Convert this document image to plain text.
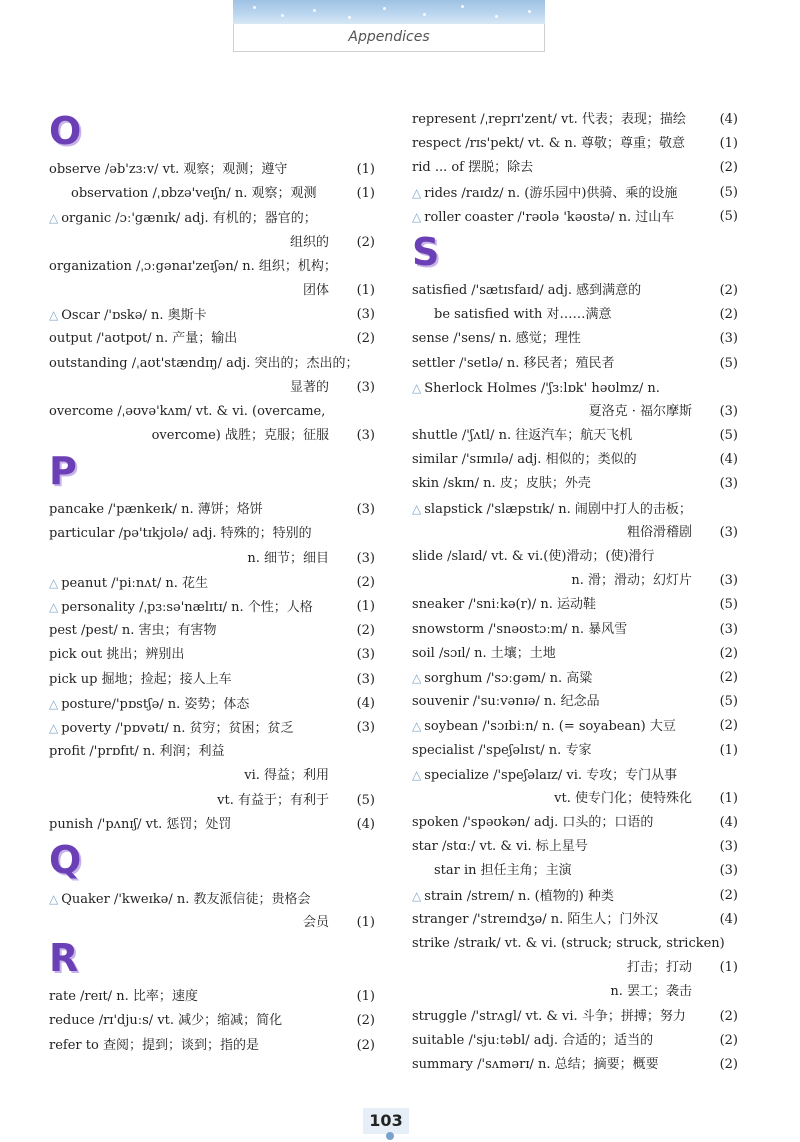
Appendices
O
observe /əb'zɜːv/ vt. 观察；观测；遵守	(1)
observation /ˌɒbzə'veɪʃn/ n. 观察；观测	(1)
△ organic /ɔː'gænɪk/ adj. 有机的；器官的；
组织的 (2)
organization /ˌɔːgənaɪ'zeɪʃən/ n. 组织；机构；
团体 (1)
△ Oscar /'ɒskə/ n. 奥斯卡	(3)
output /'aʊtpʊt/ n. 产量；输出	(2)
outstanding /ˌaʊt'stændɪŋ/ adj. 突出的；杰出的；
显著的 (3)
overcome /ˌəʊvə'kʌm/ vt. & vi. (overcame,
overcome) 战胜；克服；征服 (3)
P
pancake /'pænkeɪk/ n. 薄饼；烙饼	(3)
particular /pə'tɪkjʊlə/ adj. 特殊的；特别的
n. 细节；细目 (3)
△ peanut /'piːnʌt/ n. 花生	(2)
△ personality /ˌpɜːsə'nælɪtɪ/ n. 个性；人格	(1)
pest /pest/ n. 害虫；有害物	(2)
pick out 挑出；辨别出	(3)
pick up 掘地；捡起；接人上车	(3)
△ posture/'pɒstʃə/ n. 姿势；体态	(4)
△ poverty /'pɒvətɪ/ n. 贫穷；贫困；贫乏	(3)
profit /'prɒfɪt/ n. 利润；利益
vi. 得益；利用
vt. 有益于；有利于 (5)
punish /'pʌnɪʃ/ vt. 惩罚；处罚	(4)
Q
△ Quaker /'kweɪkə/ n. 教友派信徒；贵格会
会员 (1)
R
rate /reɪt/ n. 比率；速度	(1)
reduce /rɪ'djuːs/ vt. 减少；缩减；简化	(2)
refer to 查阅；提到；谈到；指的是	(2)
represent /ˌreprɪ'zent/ vt. 代表；表现；描绘	(4)
respect /rɪs'pekt/ vt. & n. 尊敬；尊重；敬意	(1)
rid ... of 摆脱；除去	(2)
△ rides /raɪdz/ n. (游乐园中)供骑、乘的设施	(5)
△ roller coaster /'rəʊlə 'kəʊstə/ n. 过山车	(5)
S
satisfied /'sætɪsfaɪd/ adj. 感到满意的	(2)
be satisfied with 对……满意	(2)
sense /'sens/ n. 感觉；理性	(3)
settler /'setlə/ n. 移民者；殖民者	(5)
△ Sherlock Holmes /'ʃɜːlɒk' həʊlmz/ n.
夏洛克 · 福尔摩斯 (3)
shuttle /'ʃʌtl/ n. 往返汽车；航天飞机	(5)
similar /'sɪmɪlə/ adj. 相似的；类似的	(4)
skin /skɪn/ n. 皮；皮肤；外壳	(3)
△ slapstick /'slæpstɪk/ n. 闹剧中打人的击板；
粗俗滑稽剧 (3)
slide /slaɪd/ vt. & vi.(使)滑动；(使)滑行
n. 滑；滑动；幻灯片 (3)
sneaker /'sniːkə(r)/ n. 运动鞋	(5)
snowstorm /'snəʊstɔːm/ n. 暴风雪	(3)
soil /sɔɪl/ n. 土壤；土地	(2)
△ sorghum /'sɔːgəm/ n. 高粱	(2)
souvenir /'suːvənɪə/ n. 纪念品	(5)
△ soybean /'sɔɪbiːn/ n. (= soyabean) 大豆	(2)
specialist /'speʃəlɪst/ n. 专家	(1)
△ specialize /'speʃəlaɪz/ vi. 专攻；专门从事
vt. 使专门化；使特殊化 (1)
spoken /'spəʊkən/ adj. 口头的；口语的	(4)
star /stɑː/ vt. & vi. 标上星号	(3)
star in 担任主角；主演	(3)
△ strain /streɪn/ n. (植物的) 种类	(2)
stranger /'streɪndʒə/ n. 陌生人；门外汉	(4)
strike /straɪk/ vt. & vi. (struck; struck, stricken)
打击；打动 (1)
n. 罢工；袭击
struggle /'strʌgl/ vt. & vi. 斗争；拼搏；努力	(2)
suitable /'sjuːtəbl/ adj. 合适的；适当的	(2)
summary /'sʌmərɪ/ n. 总结；摘要；概要	(2)
103
